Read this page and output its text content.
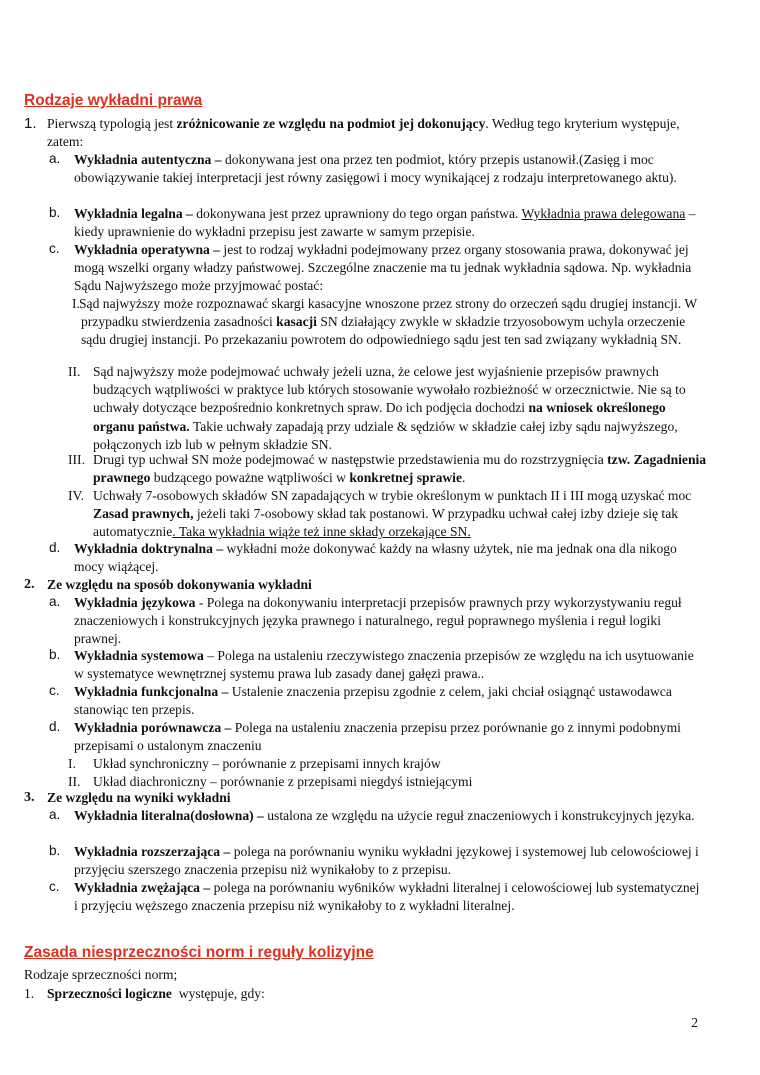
Rodzaje wykładni prawa
1. Pierwszą typologią jest zróżnicowanie ze względu na podmiot jej dokonujący. Według tego kryterium występuje, zatem:
a. Wykładnia autentyczna – dokonywana jest ona przez ten podmiot, który przepis ustanowił.(Zasięg i moc obowiązywanie takiej interpretacji jest równy zasięgowi i mocy wynikającej z rodzaju interpretowanego aktu).
b. Wykładnia legalna – dokonywana jest przez uprawniony do tego organ państwa. Wykładnia prawa delegowana – kiedy uprawnienie do wykładni przepisu jest zawarte w samym przepisie.
c. Wykładnia operatywna – jest to rodzaj wykładni podejmowany przez organy stosowania prawa, dokonywać jej mogą wszelki organy władzy państwowej. Szczególne znaczenie ma tu jednak wykładnia sądowa. Np. wykładnia Sądu Najwyższego może przyjmować postać:
I. Sąd najwyższy może rozpoznawać skargi kasacyjne wnoszone przez strony do orzeczeń sądu drugiej instancji. W przypadku stwierdzenia zasadności kasacji SN działający zwykle w składzie trzyosobowym uchyla orzeczenie sądu drugiej instancji. Po przekazaniu powrotem do odpowiedniego sądu jest ten sad związany wykładnią SN.
II. Sąd najwyższy może podejmować uchwały jeżeli uzna, że celowe jest wyjaśnienie przepisów prawnych budzących wątpliwości w praktyce lub których stosowanie wywołało rozbieżność w orzecznictwie. Nie są to uchwały dotyczące bezpośrednio konkretnych spraw. Do ich podjęcia dochodzi na wniosek określonego organu państwa. Takie uchwały zapadają przy udziale & sędziów w składzie całej izby sądu najwyższego, połączonych izb lub w pełnym składzie SN.
III. Drugi typ uchwał SN może podejmować w następstwie przedstawienia mu do rozstrzygnięcia tzw. Zagadnienia prawnego budzącego poważne wątpliwości w konkretnej sprawie.
IV. Uchwały 7-osobowych składów SN zapadających w trybie określonym w punktach II i III mogą uzyskać moc Zasad prawnych, jeżeli taki 7-osobowy skład tak postanowi. W przypadku uchwał całej izby dzieje się tak automatycznie. Taka wykładnia wiąże też inne składy orzekające SN.
d. Wykładnia doktrynalna – wykładni może dokonywać każdy na własny użytek, nie ma jednak ona dla nikogo mocy wiążącej.
2. Ze względu na sposób dokonywania wykładni
a. Wykładnia językowa - Polega na dokonywaniu interpretacji przepisów prawnych przy wykorzystywaniu reguł znaczeniowych i konstrukcyjnych języka prawnego i naturalnego, reguł poprawnego myślenia i reguł logiki prawnej.
b. Wykładnia systemowa – Polega na ustaleniu rzeczywistego znaczenia przepisów ze względu na ich usytuowanie w systematyce wewnętrznej systemu prawa lub zasady danej gałęzi prawa..
c. Wykładnia funkcjonalna – Ustalenie znaczenia przepisu zgodnie z celem, jaki chciał osiągnąć ustawodawca stanowiąc ten przepis.
d. Wykładnia porównawcza – Polega na ustaleniu znaczenia przepisu przez porównanie go z innymi podobnymi przepisami o ustalonym znaczeniu
I. Układ synchroniczny – porównanie z przepisami innych krajów
II. Układ diachroniczny – porównanie z przepisami niegdyś istniejącymi
3. Ze względu na wyniki wykładni
a. Wykładnia literalna(dosłowna) – ustalona ze względu na użycie reguł znaczeniowych i konstrukcyjnych języka.
b. Wykładnia rozszerzająca – polega na porównaniu wyniku wykładni językowej i systemowej lub celowościowej i przyjęciu szerszego znaczenia przepisu niż wynikałoby to z przepisu.
c. Wykładnia zwężająca – polega na porównaniu wy6ników wykładni literalnej i celowościowej lub systematycznej i przyjęciu węższego znaczenia przepisu niż wynikałoby to z wykładni literalnej.
Zasada niesprzeczności norm i reguły kolizyjne
Rodzaje sprzeczności norm;
1. Sprzeczności logiczne  występuje, gdy:
2
